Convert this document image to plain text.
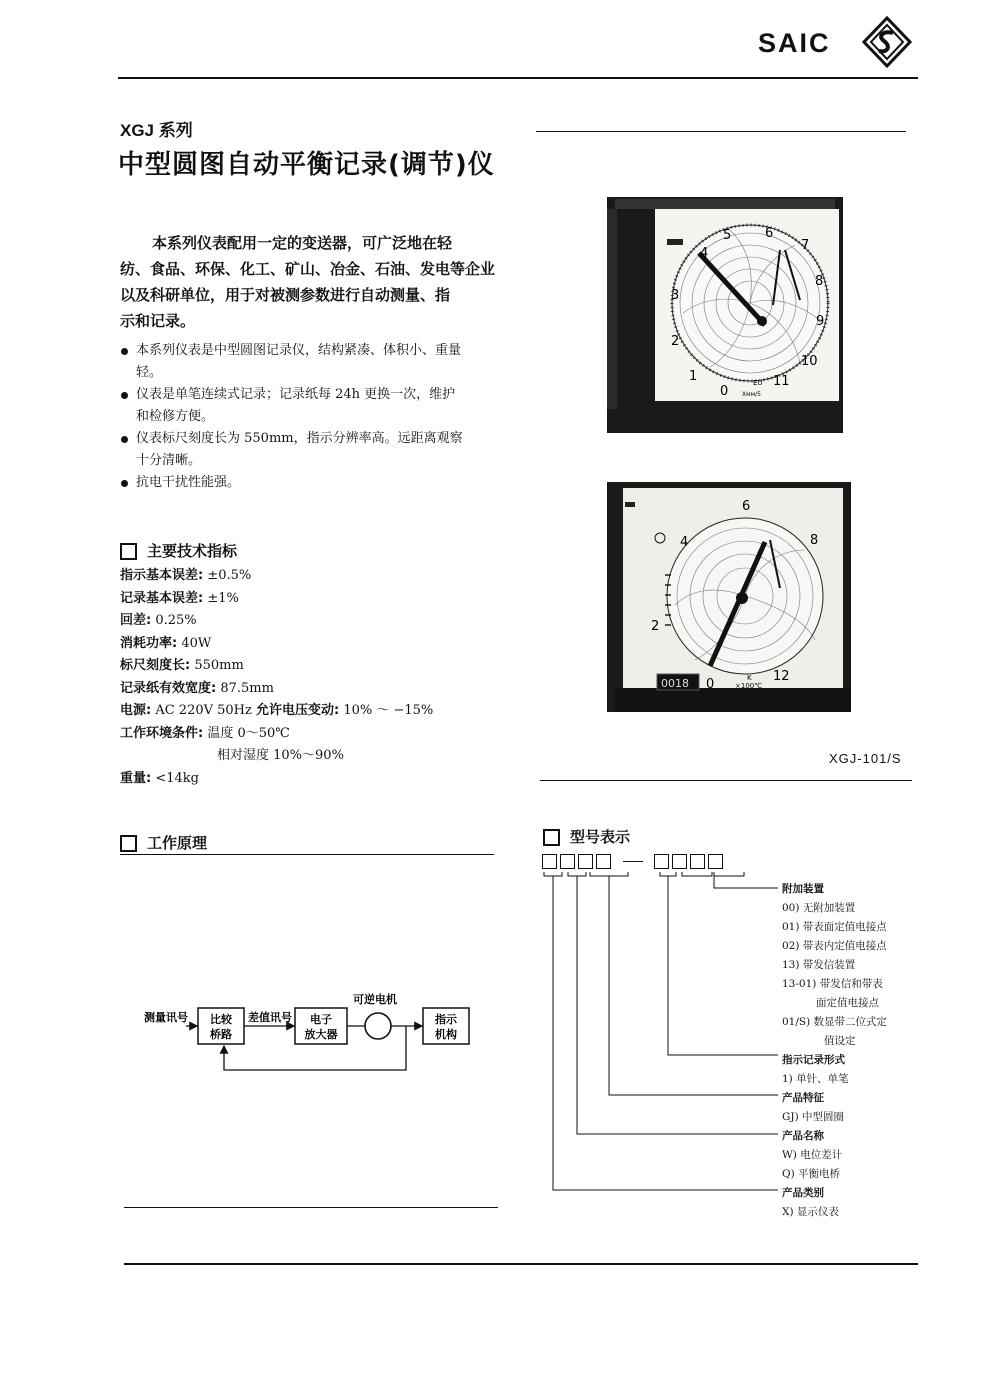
SAIC
XGJ 系列
中型圆图自动平衡记录(调节)仪
本系列仪表配用一定的变送器，可广泛地在轻
纺、食品、环保、化工、矿山、冶金、石油、发电等企业
以及科研单位，用于对被测参数进行自动测量、指
示和记录。
本系列仪表是中型圆图记录仪，结构紧凑、体积小、重量
轻。
仪表是单笔连续式记录；记录纸每 24h 更换一次，维护
和检修方便。
仪表标尺刻度长为 550mm，指示分辨率高。远距离观察
十分清晰。
抗电干扰性能强。
主要技术指标
指示基本误差: ±0.5%
记录基本误差: ±1%
回差: 0.25%
消耗功率: 40W
标尺刻度长: 550mm
记录纸有效宽度: 87.5mm
电源: AC 220V 50Hz 允许电压变动: 10% ～ −15%
工作环境条件: 温度 0～50℃
相对湿度 10%～90%
重量: <14kg
工作原理
测量讯号 比较
桥路
差值讯号 电子
放大器
可逆电机
指示
机构
5	6
7
4
8
3
9
2
10
1	11
0
EU
Xмм/5
6
4	8
2
0
12
K
×100℃
0018
XGJ-101/S
型号表示

附加装置
00) 无附加装置
01) 带表面定值电接点
02) 带表内定值电接点
13) 带发信装置
13-01) 带发信和带表
面定值电接点
01/S) 数显带二位式定
值设定
指示记录形式
1) 单针、单笔
产品特征
GJ) 中型圆圈
产品名称
W) 电位差计
Q) 平衡电桥
产品类别
X) 显示仪表
